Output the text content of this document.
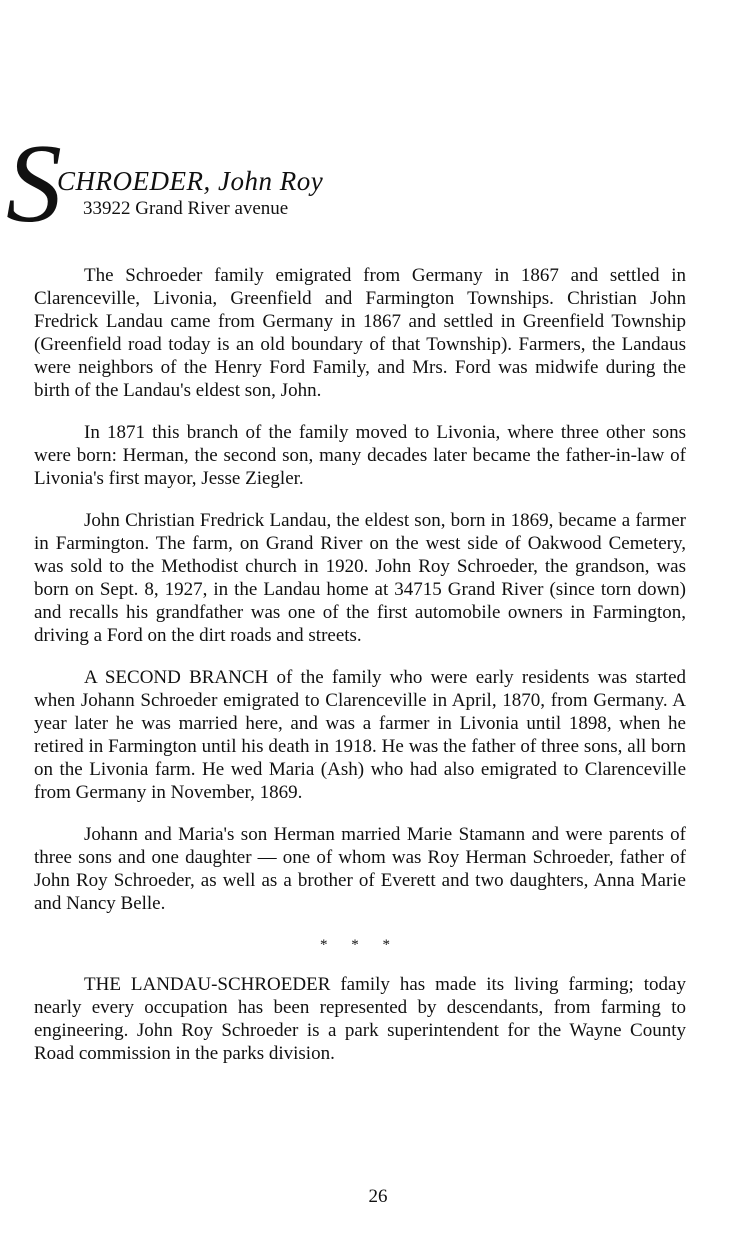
S
CHROEDER, John Roy
33922 Grand River avenue

The Schroeder family emigrated from Germany in 1867 and settled in Clarenceville, Livonia, Greenfield and Farmington Townships. Christian John Fredrick Landau came from Germany in 1867 and settled in Greenfield Township (Greenfield road today is an old boundary of that Township). Farmers, the Landaus were neighbors of the Henry Ford Family, and Mrs. Ford was midwife during the birth of the Landau's eldest son, John.

In 1871 this branch of the family moved to Livonia, where three other sons were born: Herman, the second son, many decades later became the father-in-law of Livonia's first mayor, Jesse Ziegler.

John Christian Fredrick Landau, the eldest son, born in 1869, became a farmer in Farmington. The farm, on Grand River on the west side of Oakwood Cemetery, was sold to the Methodist church in 1920. John Roy Schroeder, the grandson, was born on Sept. 8, 1927, in the Landau home at 34715 Grand River (since torn down) and recalls his grandfather was one of the first automobile owners in Farmington, driving a Ford on the dirt roads and streets.

A SECOND BRANCH of the family who were early residents was started when Johann Schroeder emigrated to Clarenceville in April, 1870, from Germany. A year later he was married here, and was a farmer in Livonia until 1898, when he retired in Farmington until his death in 1918. He was the father of three sons, all born on the Livonia farm. He wed Maria (Ash) who had also emigrated to Clarenceville from Germany in November, 1869.

Johann and Maria's son Herman married Marie Stamann and were parents of three sons and one daughter — one of whom was Roy Herman Schroeder, father of John Roy Schroeder, as well as a brother of Everett and two daughters, Anna Marie and Nancy Belle.

* * *

THE LANDAU-SCHROEDER family has made its living farming; today nearly every occupation has been represented by descendants, from farming to engineering. John Roy Schroeder is a park superintendent for the Wayne County Road commission in the parks division.

26
